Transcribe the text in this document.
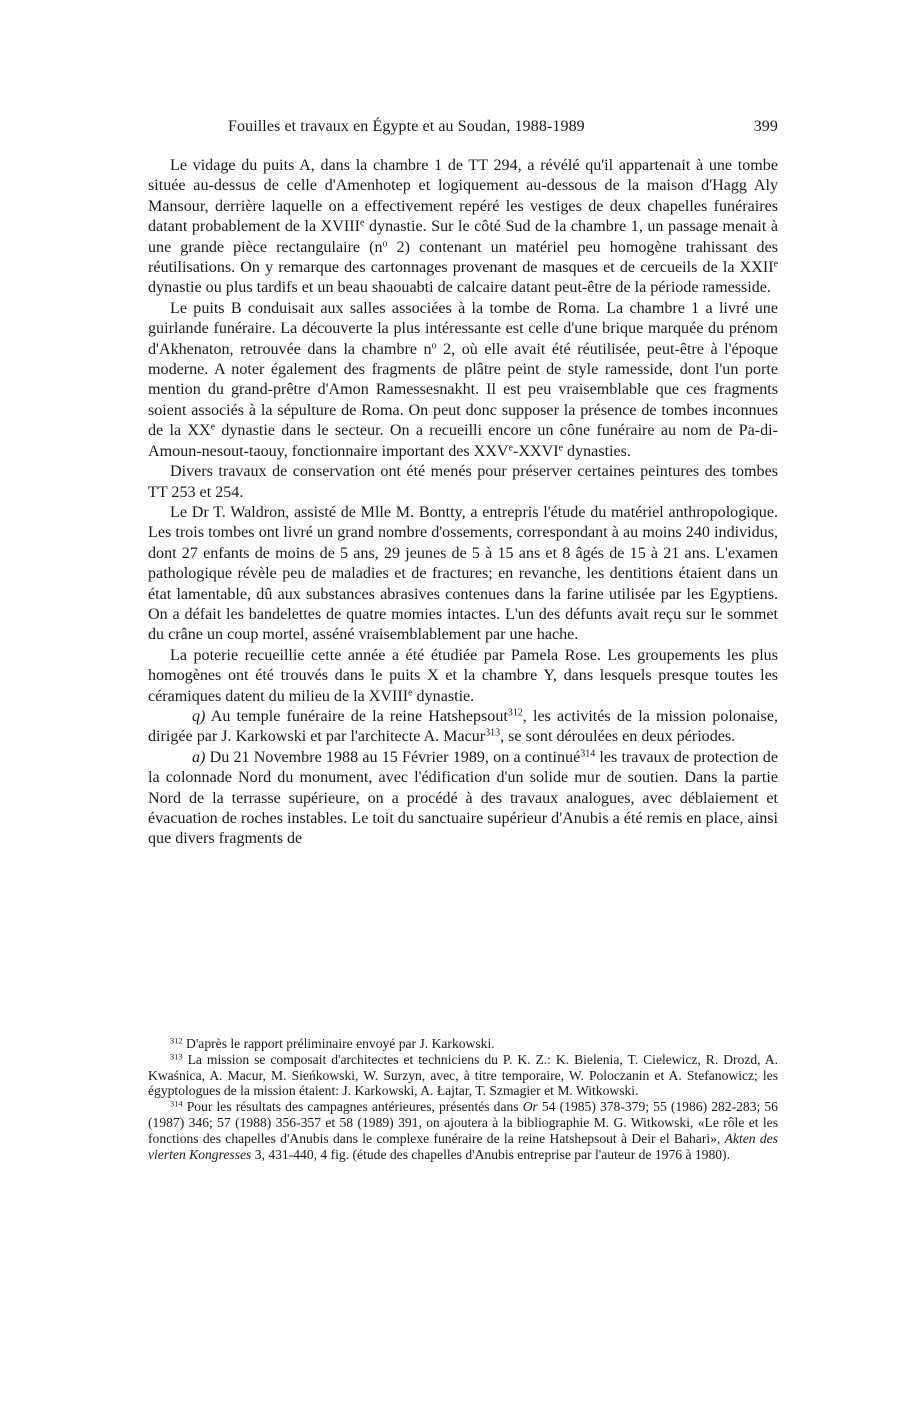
Fouilles et travaux en Égypte et au Soudan, 1988-1989	399

Le vidage du puits A, dans la chambre 1 de TT 294, a révélé qu'il appartenait à une tombe située au-dessus de celle d'Amenhotep et logiquement au-dessous de la maison d'Hagg Aly Mansour, derrière laquelle on a effectivement repéré les vestiges de deux chapelles funéraires datant probablement de la XVIIIe dynastie. Sur le côté Sud de la chambre 1, un passage menait à une grande pièce rectangulaire ($n^o$ 2) contenant un matériel peu homogène trahissant des réutilisations. On y remarque des cartonnages provenant de masques et de cercueils de la XXIIe dynastie ou plus tardifs et un beau shaouabti de calcaire datant peut-être de la période ramesside.

Le puits B conduisait aux salles associées à la tombe de Roma. La chambre 1 a livré une guirlande funéraire. La découverte la plus intéressante est celle d'une brique marquée du prénom d'Akhenaton, retrouvée dans la chambre $n^o$ 2, où elle avait été réutilisée, peut-être à l'époque moderne. A noter également des fragments de plâtre peint de style ramesside, dont l'un porte mention du grand-prêtre d'Amon Ramessesnakht. Il est peu vraisemblable que ces fragments soient associés à la sépulture de Roma. On peut donc supposer la présence de tombes inconnues de la XXe dynastie dans le secteur. On a recueilli encore un cône funéraire au nom de Pa-di-Amoun-nesout-taouy, fonctionnaire important des XXVe-XXVIe dynasties.

Divers travaux de conservation ont été menés pour préserver certaines peintures des tombes TT 253 et 254.

Le Dr T. Waldron, assisté de Mlle M. Bontty, a entrepris l'étude du matériel anthropologique. Les trois tombes ont livré un grand nombre d'ossements, correspondant à au moins 240 individus, dont 27 enfants de moins de 5 ans, 29 jeunes de 5 à 15 ans et 8 âgés de 15 à 21 ans. L'examen pathologique révèle peu de maladies et de fractures; en revanche, les dentitions étaient dans un état lamentable, dû aux substances abrasives contenues dans la farine utilisée par les Egyptiens. On a défait les bandelettes de quatre momies intactes. L'un des défunts avait reçu sur le sommet du crâne un coup mortel, asséné vraisemblablement par une hache.

La poterie recueillie cette année a été étudiée par Pamela Rose. Les groupements les plus homogènes ont été trouvés dans le puits X et la chambre Y, dans lesquels presque toutes les céramiques datent du milieu de la XVIIIe dynastie.

q) Au temple funéraire de la reine Hatshepsout$^{312}$, les activités de la mission polonaise, dirigée par J. Karkowski et par l'architecte A. Macur$^{313}$, se sont déroulées en deux périodes.

a) Du 21 Novembre 1988 au 15 Février 1989, on a continué$^{314}$ les travaux de protection de la colonnade Nord du monument, avec l'édification d'un solide mur de soutien. Dans la partie Nord de la terrasse supérieure, on a procédé à des travaux analogues, avec déblaiement et évacuation de roches instables. Le toit du sanctuaire supérieur d'Anubis a été remis en place, ainsi que divers fragments de

$^{312}$ D'après le rapport préliminaire envoyé par J. Karkowski.

$^{313}$ La mission se composait d'architectes et techniciens du P. K. Z.: K. Bielenia, T. Cielewicz, R. Drozd, A. Kwaśnica, A. Macur, M. Sieńkowski, W. Surzyn, avec, à titre temporaire, W. Poloczanin et A. Stefanowicz; les égyptologues de la mission étaient: J. Karkowski, A. Łajtar, T. Szmagier et M. Witkowski.

$^{314}$ Pour les résultats des campagnes antérieures, présentés dans Or 54 (1985) 378-379; 55 (1986) 282-283; 56 (1987) 346; 57 (1988) 356-357 et 58 (1989) 391, on ajoutera à la bibliographie M. G. Witkowski, «Le rôle et les fonctions des chapelles d'Anubis dans le complexe funéraire de la reine Hatshepsout à Deir el Bahari», Akten des vierten Kongresses 3, 431-440, 4 fig. (étude des chapelles d'Anubis entreprise par l'auteur de 1976 à 1980).
